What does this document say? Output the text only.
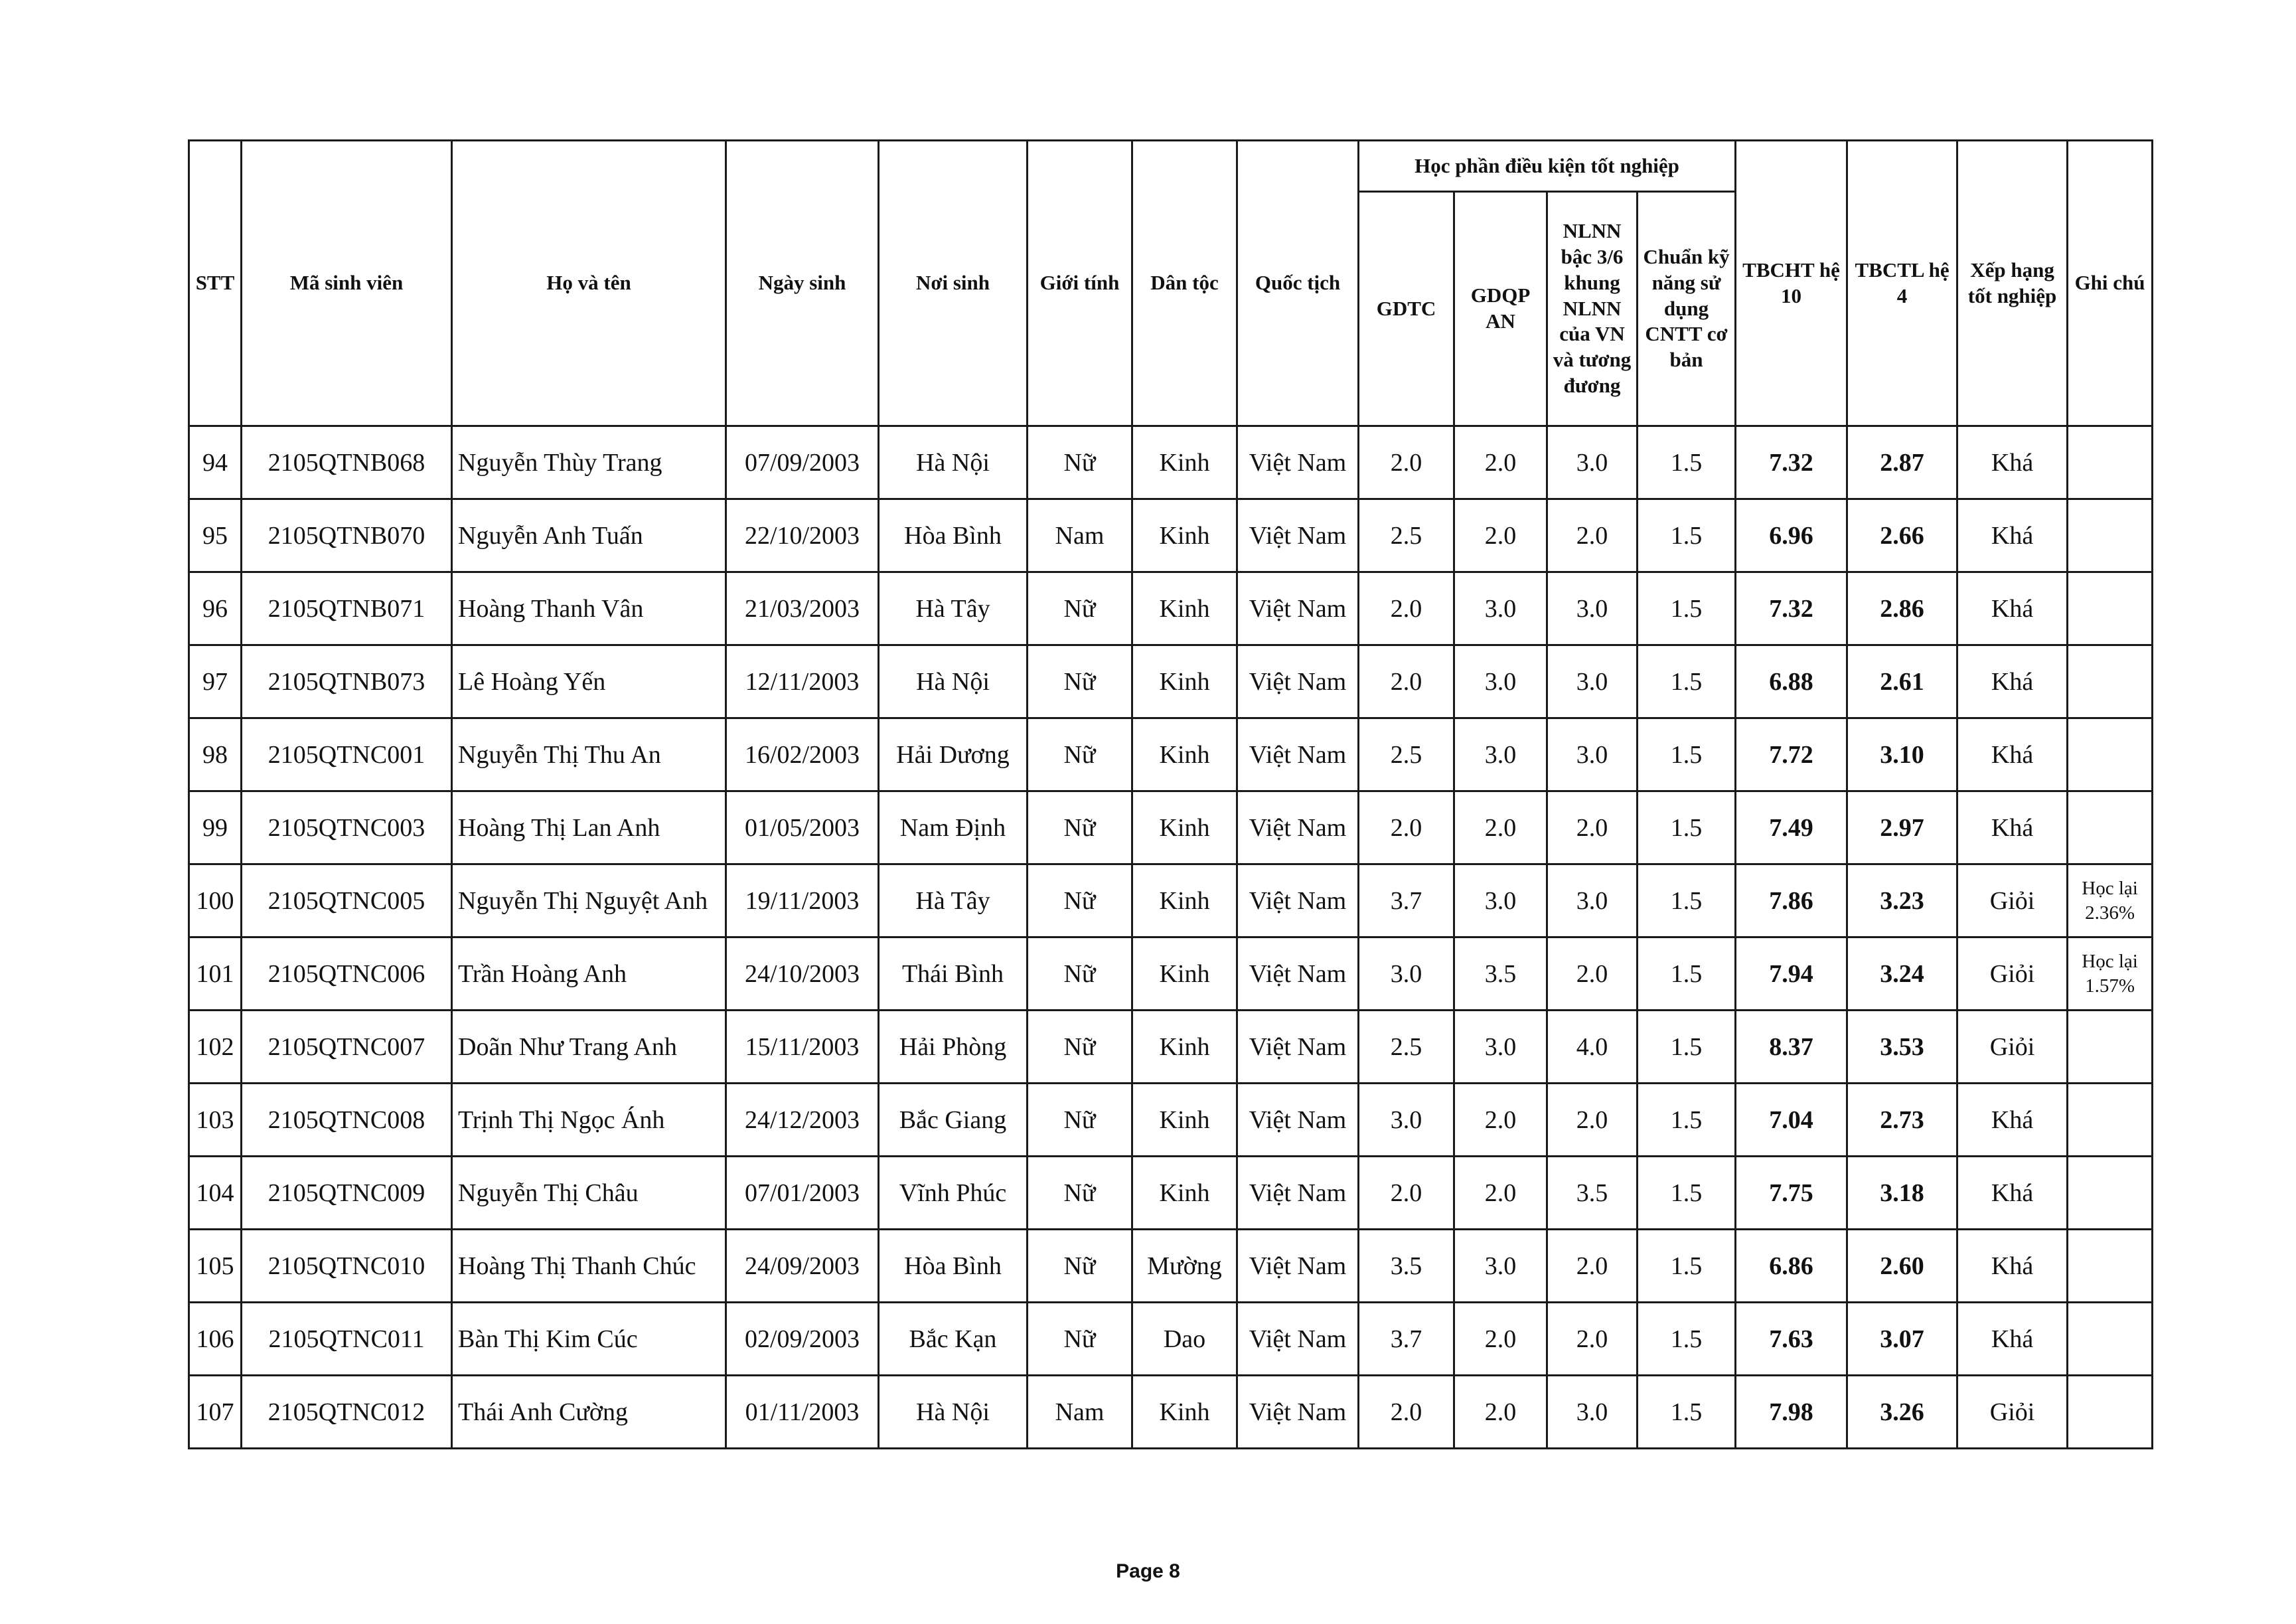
STT	Mã sinh viên	Họ và tên	Ngày sinh	Nơi sinh	Giới tính	Dân tộc	Quốc tịch	Học phần điều kiện tốt nghiệp				TBCHT hệ 10	TBCTL hệ 4	Xếp hạng tốt nghiệp	Ghi chú
								GDTC	GDQP AN	NLNN bậc 3/6 khung NLNN của VN và tương đương	Chuẩn kỹ năng sử dụng CNTT cơ bản				
94	2105QTNB068	Nguyễn Thùy Trang	07/09/2003	Hà Nội	Nữ	Kinh	Việt Nam	2.0	2.0	3.0	1.5	7.32	2.87	Khá	
95	2105QTNB070	Nguyễn Anh Tuấn	22/10/2003	Hòa Bình	Nam	Kinh	Việt Nam	2.5	2.0	2.0	1.5	6.96	2.66	Khá	
96	2105QTNB071	Hoàng Thanh Vân	21/03/2003	Hà Tây	Nữ	Kinh	Việt Nam	2.0	3.0	3.0	1.5	7.32	2.86	Khá	
97	2105QTNB073	Lê Hoàng Yến	12/11/2003	Hà Nội	Nữ	Kinh	Việt Nam	2.0	3.0	3.0	1.5	6.88	2.61	Khá	
98	2105QTNC001	Nguyễn Thị Thu An	16/02/2003	Hải Dương	Nữ	Kinh	Việt Nam	2.5	3.0	3.0	1.5	7.72	3.10	Khá	
99	2105QTNC003	Hoàng Thị Lan Anh	01/05/2003	Nam Định	Nữ	Kinh	Việt Nam	2.0	2.0	2.0	1.5	7.49	2.97	Khá	
100	2105QTNC005	Nguyễn Thị Nguyệt Anh	19/11/2003	Hà Tây	Nữ	Kinh	Việt Nam	3.7	3.0	3.0	1.5	7.86	3.23	Giỏi	Học lại 2.36%
101	2105QTNC006	Trần Hoàng Anh	24/10/2003	Thái Bình	Nữ	Kinh	Việt Nam	3.0	3.5	2.0	1.5	7.94	3.24	Giỏi	Học lại 1.57%
102	2105QTNC007	Doãn Như Trang Anh	15/11/2003	Hải Phòng	Nữ	Kinh	Việt Nam	2.5	3.0	4.0	1.5	8.37	3.53	Giỏi	
103	2105QTNC008	Trịnh Thị Ngọc Ánh	24/12/2003	Bắc Giang	Nữ	Kinh	Việt Nam	3.0	2.0	2.0	1.5	7.04	2.73	Khá	
104	2105QTNC009	Nguyễn Thị Châu	07/01/2003	Vĩnh Phúc	Nữ	Kinh	Việt Nam	2.0	2.0	3.5	1.5	7.75	3.18	Khá	
105	2105QTNC010	Hoàng Thị Thanh Chúc	24/09/2003	Hòa Bình	Nữ	Mường	Việt Nam	3.5	3.0	2.0	1.5	6.86	2.60	Khá	
106	2105QTNC011	Bàn Thị Kim Cúc	02/09/2003	Bắc Kạn	Nữ	Dao	Việt Nam	3.7	2.0	2.0	1.5	7.63	3.07	Khá	
107	2105QTNC012	Thái Anh Cường	01/11/2003	Hà Nội	Nam	Kinh	Việt Nam	2.0	2.0	3.0	1.5	7.98	3.26	Giỏi	
Page 8
